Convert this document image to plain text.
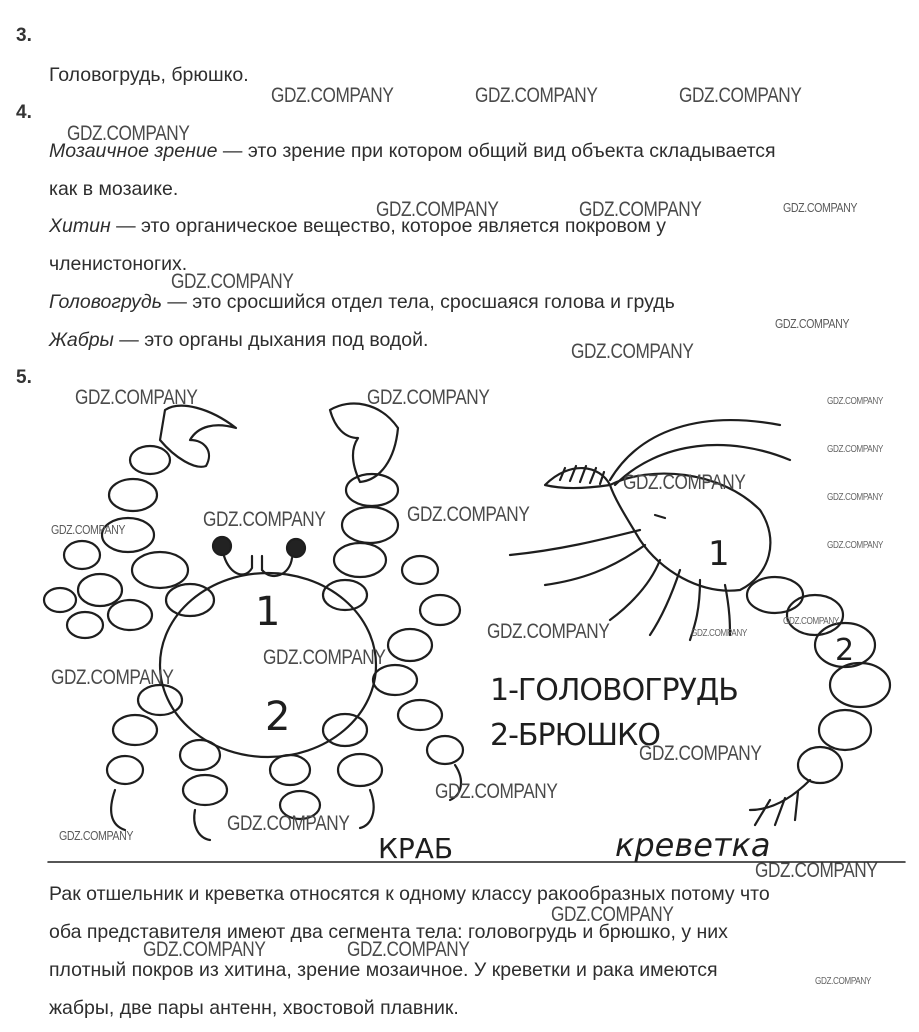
3.
Головогрудь, брюшко.
4.
Мозаичное зрение — это зрение при котором общий вид объекта складывается
как в мозаике.
Хитин — это органическое вещество, которое является покровом у
членистоногих.
Головогрудь — это сросшийся отдел тела, сросшаяся голова и грудь
Жабры — это органы дыхания под водой.
5.
1
2
1
2
1-ГОЛОВОГРУДЬ
2-БРЮШКО
КРАБ	креветка
Рак отшельник и креветка относятся к одному классу ракообразных потому что
оба представителя имеют два сегмента тела: головогрудь и брюшко, у них
плотный покров из хитина, зрение мозаичное. У креветки и рака имеются
жабры, две пары антенн, хвостовой плавник.
GDZ.COMPANY	GDZ.COMPANY	GDZ.COMPANY
GDZ.COMPANY
GDZ.COMPANY	GDZ.COMPANY	GDZ.COMPANY
GDZ.COMPANY
GDZ.COMPANY
GDZ.COMPANY
GDZ.COMPANY	GDZ.COMPANY	GDZ.COMPANY
GDZ.COMPANY
GDZ.COMPANY
GDZ.COMPANY
GDZ.COMPANY	GDZ.COMPANY
GDZ.COMPANY
GDZ.COMPANY
GDZ.COMPANY
GDZ.COMPANY	GDZ.COMPANY
GDZ.COMPANY
GDZ.COMPANY
GDZ.COMPANY
GDZ.COMPANY
GDZ.COMPANY
GDZ.COMPANY
GDZ.COMPANY
GDZ.COMPANY
GDZ.COMPANY	GDZ.COMPANY
GDZ.COMPANY
